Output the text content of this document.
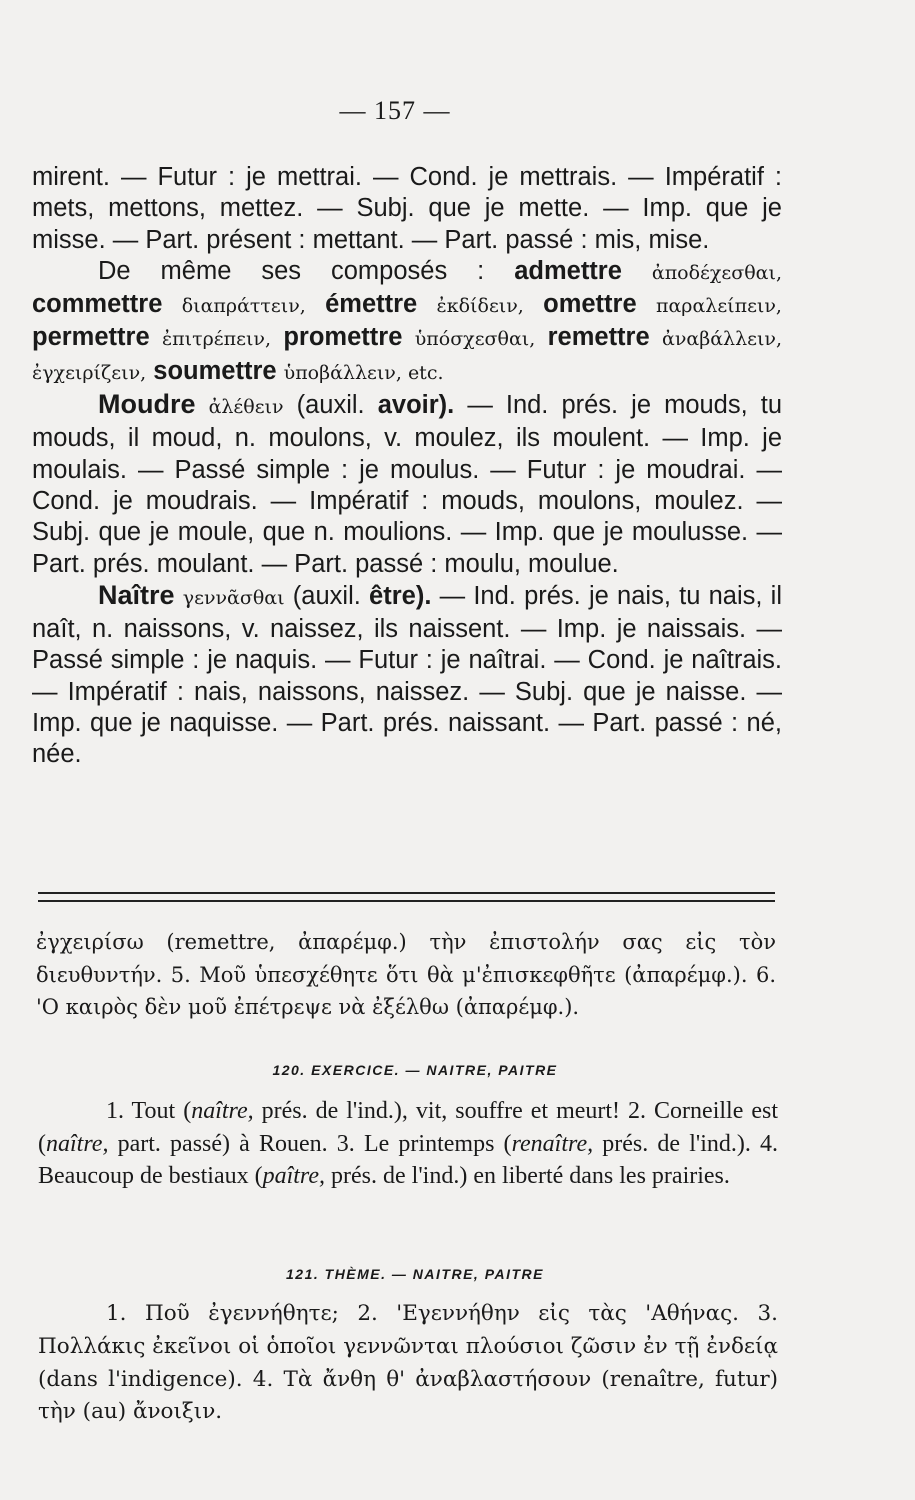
— 157 —

mirent. — Futur : je mettrai. — Cond. je mettrais. — Impératif : mets, mettons, mettez. — Subj. que je mette. — Imp. que je misse. — Part. présent : mettant. — Part. passé : mis, mise.

De même ses composés : admettre ἀποδέχεσθαι, commettre διαπράττειν, émettre ἐκδίδειν, omettre παραλείπειν, permettre ἐπιτρέπειν, promettre ὑπόσχεσθαι, remettre ἀναβάλλειν, ἐγχειρίζειν, soumettre ὑποβάλλειν, etc.

Moudre ἀλέθειν (auxil. avoir). — Ind. prés. je mouds, tu mouds, il moud, n. moulons, v. moulez, ils moulent. — Imp. je moulais. — Passé simple : je moulus. — Futur : je moudrai. — Cond. je moudrais. — Impératif : mouds, moulons, moulez. — Subj. que je moule, que n. moulions. — Imp. que je moulusse. — Part. prés. moulant. — Part. passé : moulu, moulue.

Naître γεννᾶσθαι (auxil. être). — Ind. prés. je nais, tu nais, il naît, n. naissons, v. naissez, ils naissent. — Imp. je naissais. — Passé simple : je naquis. — Futur : je naîtrai. — Cond. je naîtrais. — Impératif : nais, naissons, naissez. — Subj. que je naisse. — Imp. que je naquisse. — Part. prés. naissant. — Part. passé : né, née.

ἐγχειρίσω (remettre, ἀπαρέμφ.) τὴν ἐπιστολήν σας εἰς τὸν διευθυντήν. 5. Μοῦ ὑπεσχέθητε ὅτι θὰ μ'ἐπισκεφθῆτε (ἀπαρέμφ.). 6. 'Ο καιρὸς δὲν μοῦ ἐπέτρεψε νὰ ἐξέλθω (ἀπαρέμφ.).

120. EXERCICE. — NAITRE, PAITRE

1. Tout (naître, prés. de l'ind.), vit, souffre et meurt! 2. Corneille est (naître, part. passé) à Rouen. 3. Le printemps (renaître, prés. de l'ind.). 4. Beaucoup de bestiaux (paître, prés. de l'ind.) en liberté dans les prairies.

121. THÈME. — NAITRE, PAITRE

1. Ποῦ ἐγεννήθητε; 2. 'Εγεννήθην εἰς τὰς 'Αθήνας. 3. Πολλάκις ἐκεῖνοι οἱ ὁποῖοι γεννῶνται πλούσιοι ζῶσιν ἐν τῇ ἐνδείᾳ (dans l'indigence). 4. Τὰ ἄνθη θ' ἀναβλαστήσουν (renaître, futur) τὴν (au) ἄνοιξιν.
